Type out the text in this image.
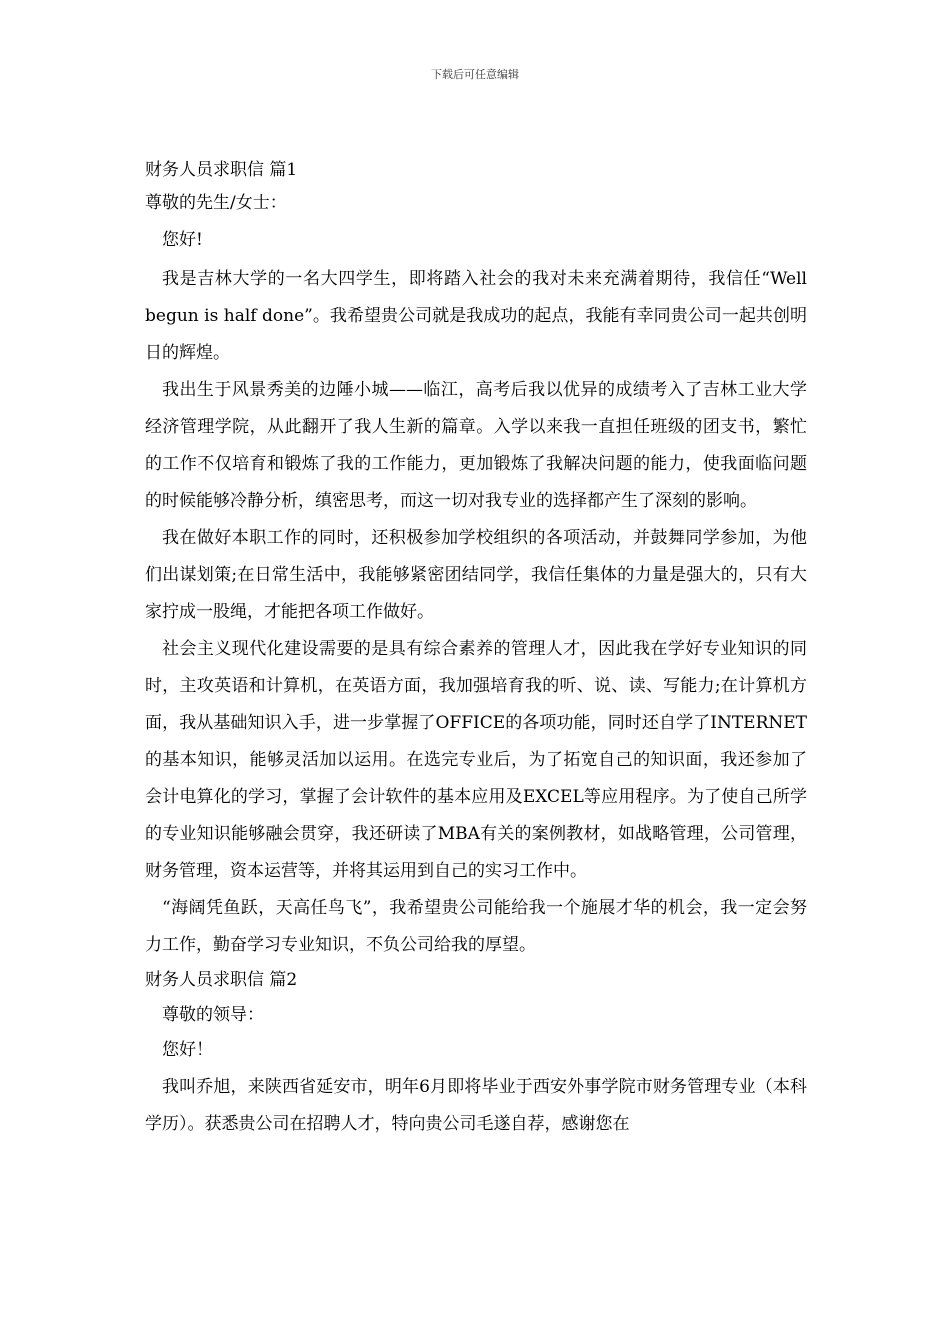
下载后可任意编辑
财务人员求职信 篇1
尊敬的先生/女士：
您好!
我是吉林大学的一名大四学生，即将踏入社会的我对未来充满着期待，我信任“Well begun is half done”。我希望贵公司就是我成功的起点，我能有幸同贵公司一起共创明日的辉煌。
我出生于风景秀美的边陲小城——临江，高考后我以优异的成绩考入了吉林工业大学经济管理学院，从此翻开了我人生新的篇章。入学以来我一直担任班级的团支书，繁忙的工作不仅培育和锻炼了我的工作能力，更加锻炼了我解决问题的能力，使我面临问题的时候能够冷静分析，缜密思考，而这一切对我专业的选择都产生了深刻的影响。
我在做好本职工作的同时，还积极参加学校组织的各项活动，并鼓舞同学参加，为他们出谋划策;在日常生活中，我能够紧密团结同学，我信任集体的力量是强大的，只有大家拧成一股绳，才能把各项工作做好。
社会主义现代化建设需要的是具有综合素养的管理人才，因此我在学好专业知识的同时，主攻英语和计算机，在英语方面，我加强培育我的听、说、读、写能力;在计算机方面，我从基础知识入手，进一步掌握了OFFICE的各项功能，同时还自学了INTERNET的基本知识，能够灵活加以运用。在选完专业后，为了拓宽自己的知识面，我还参加了会计电算化的学习，掌握了会计软件的基本应用及EXCEL等应用程序。为了使自己所学的专业知识能够融会贯穿，我还研读了MBA有关的案例教材，如战略管理，公司管理，财务管理，资本运营等，并将其运用到自己的实习工作中。
“海阔凭鱼跃，天高任鸟飞”，我希望贵公司能给我一个施展才华的机会，我一定会努力工作，勤奋学习专业知识，不负公司给我的厚望。
财务人员求职信 篇2
尊敬的领导：
您好！
我叫乔旭，来陕西省延安市，明年6月即将毕业于西安外事学院市财务管理专业（本科学历）。获悉贵公司在招聘人才，特向贵公司毛遂自荐，感谢您在
